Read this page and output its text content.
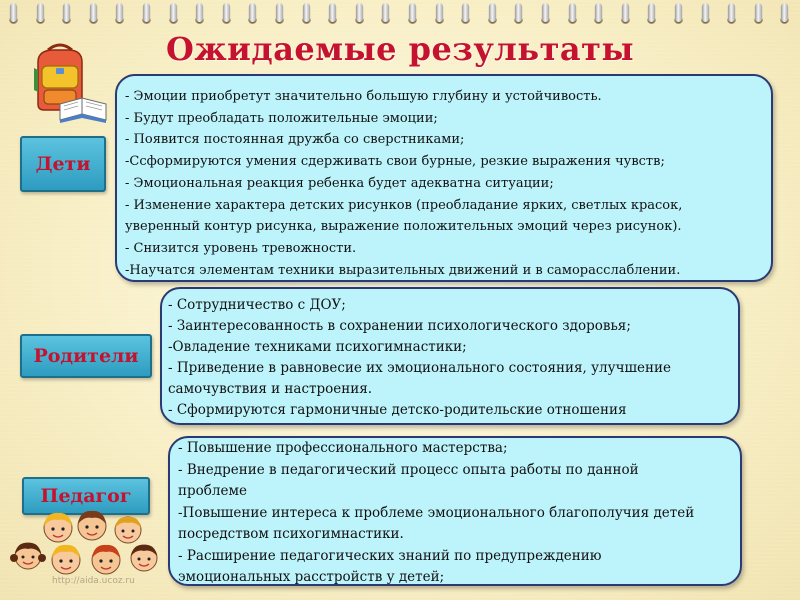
Ожидаемые результаты
Дети
- Эмоции приобретут значительно большую глубину и устойчивость.
- Будут преобладать положительные эмоции;
- Появится постоянная дружба со сверстниками;
-Ссформируются умения сдерживать свои бурные, резкие выражения чувств;
- Эмоциональная реакция ребенка будет адекватна ситуации;
- Изменение характера детских рисунков (преобладание ярких, светлых красок,
уверенный контур рисунка, выражение положительных эмоций через рисунок).
- Снизится уровень тревожности.
-Научатся элементам техники выразительных движений и в саморасслаблении.
Родители
- Сотрудничество с ДОУ;
- Заинтересованность в сохранении психологического здоровья;
-Овладение техниками психогимнастики;
- Приведение в равновесие их эмоционального состояния, улучшение
самочувствия и настроения.
- Сформируются гармоничные детско-родительские отношения
Педагог
- Повышение профессионального мастерства;
- Внедрение в педагогический процесс опыта работы по данной
проблеме
-Повышение интереса к проблеме эмоционального благополучия детей
посредством психогимнастики.
- Расширение педагогических знаний по предупреждению
эмоциональных расстройств у детей;
http://aida.ucoz.ru
